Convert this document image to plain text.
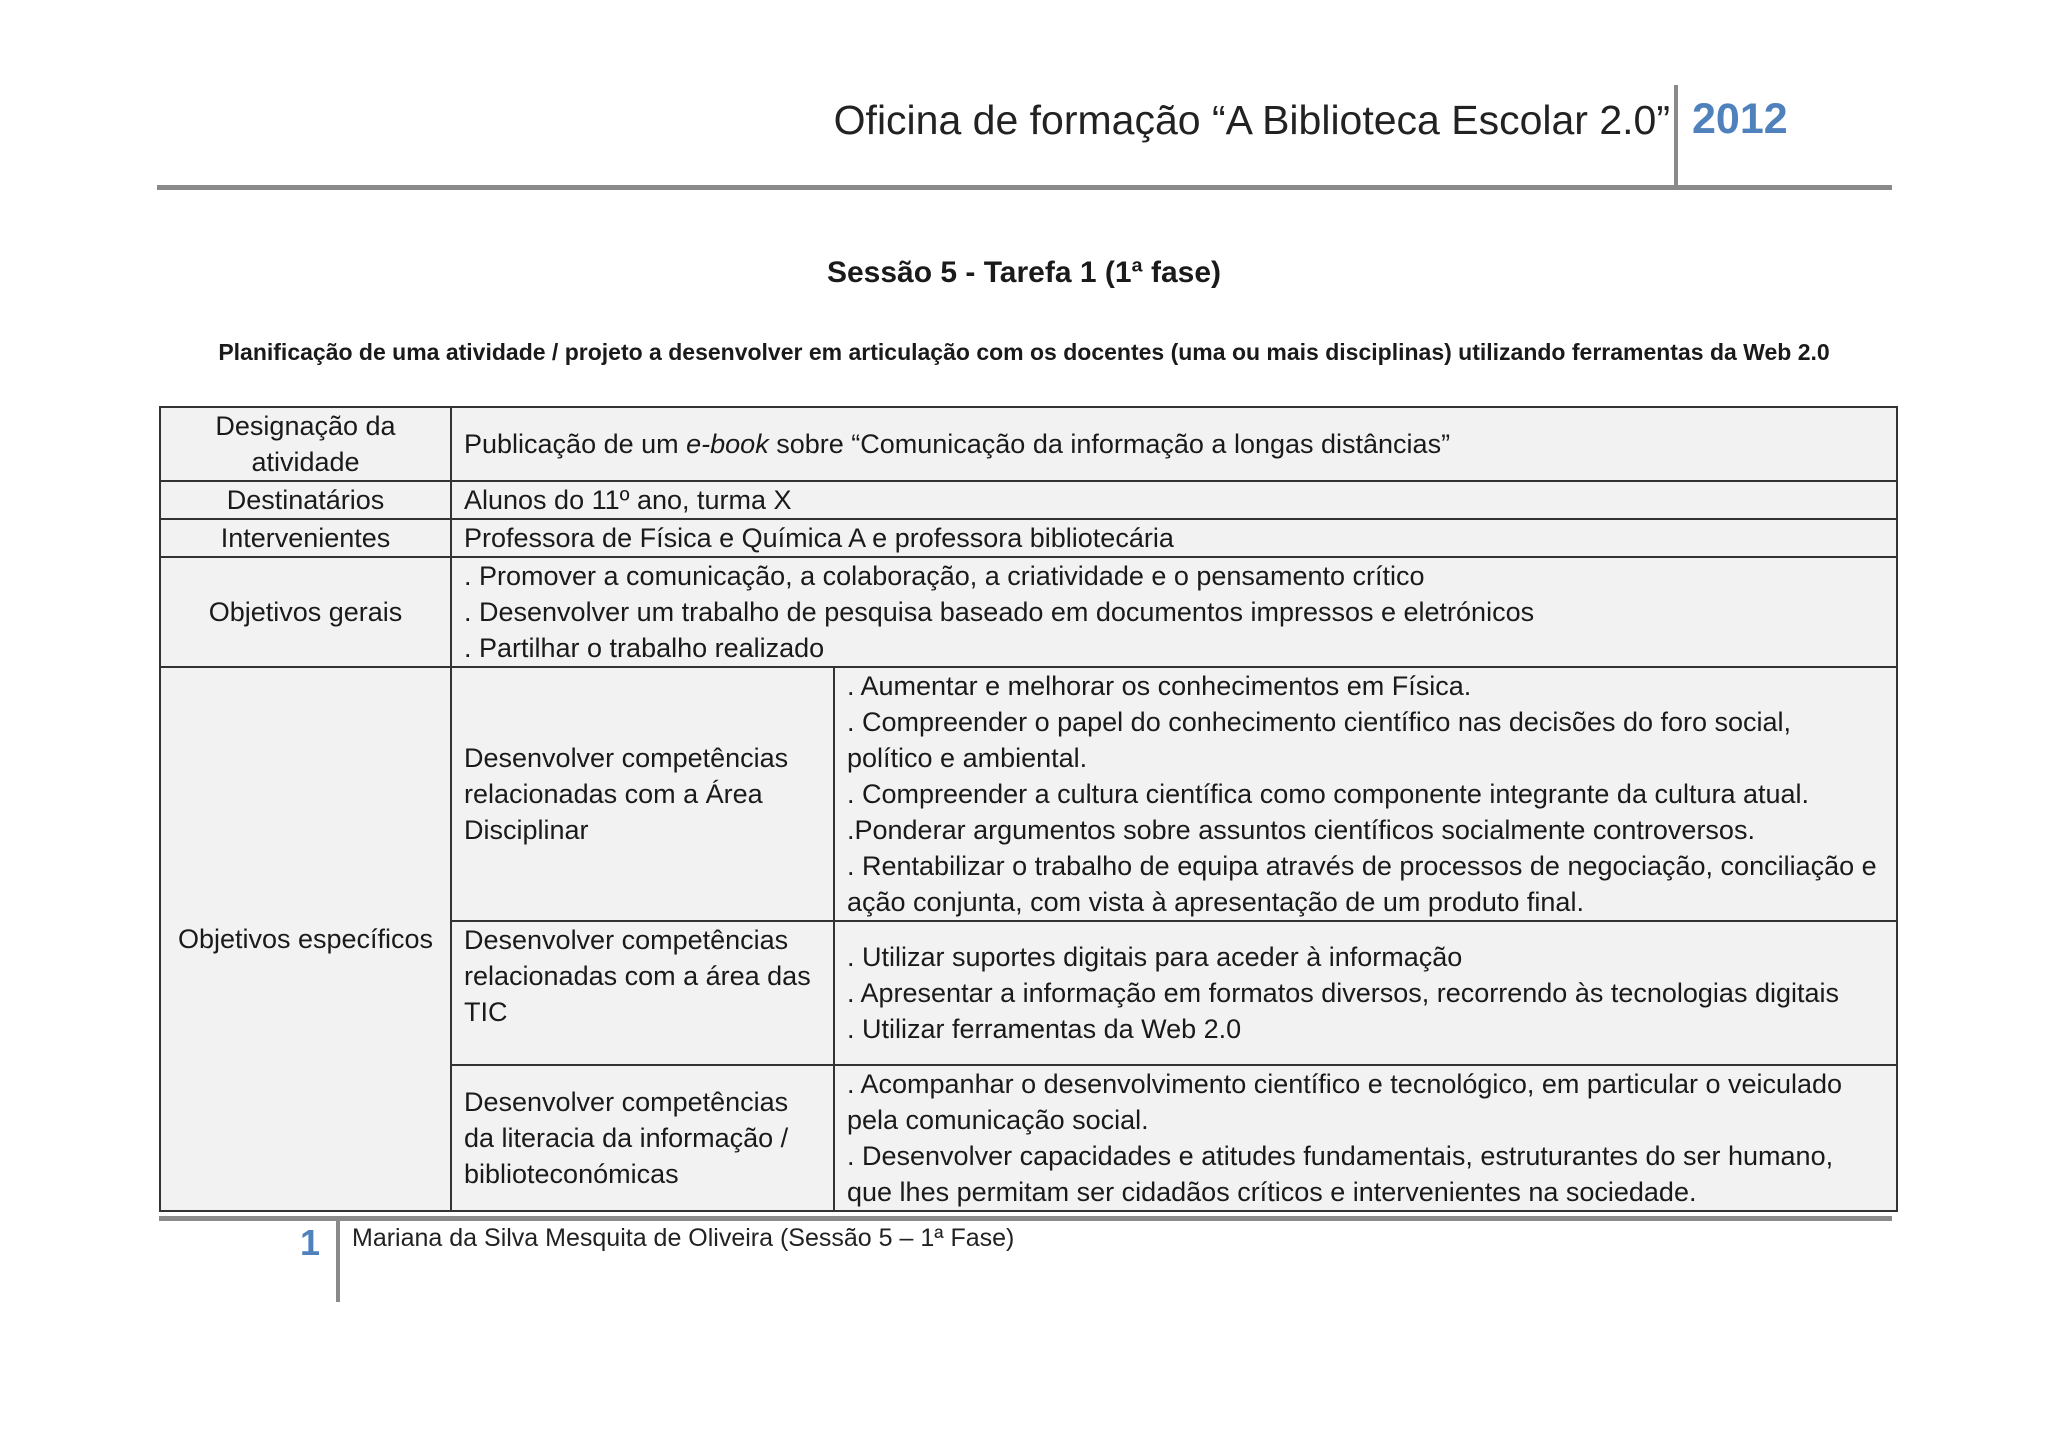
Oficina de formação “A Biblioteca Escolar 2.0” 2012
Sessão 5 - Tarefa 1 (1ª fase)
Planificação de uma atividade / projeto a desenvolver em articulação com os docentes (uma ou mais disciplinas) utilizando ferramentas da Web 2.0
Designação da atividade	Publicação de um e-book sobre “Comunicação da informação a longas distâncias”	
Destinatários	Alunos do 11º ano, turma X	
Intervenientes	Professora de Física e Química A e professora bibliotecária	
Objetivos gerais	. Promover a comunicação, a colaboração, a criatividade e o pensamento crítico
. Desenvolver um trabalho de pesquisa baseado em documentos impressos e eletrónicos
. Partilhar o trabalho realizado	

Objetivos específicos	Desenvolver competências relacionadas com a Área Disciplinar	. Aumentar e melhorar os conhecimentos em Física.
. Compreender o papel do conhecimento científico nas decisões do foro social, político e ambiental.
. Compreender a cultura científica como componente integrante da cultura atual.
.Ponderar argumentos sobre assuntos científicos socialmente controversos.
. Rentabilizar o trabalho de equipa através de processos de negociação, conciliação e ação conjunta, com vista à apresentação de um produto final.

	Desenvolver competências relacionadas com a área das TIC	. Utilizar suportes digitais para aceder à informação
. Apresentar a informação em formatos diversos, recorrendo às tecnologias digitais
. Utilizar ferramentas da Web 2.0

	Desenvolver competências da literacia da informação / biblioteconómicas	. Acompanhar o desenvolvimento científico e tecnológico, em particular o veiculado pela comunicação social.
. Desenvolver capacidades e atitudes fundamentais, estruturantes do ser humano, que lhes permitam ser cidadãos críticos e intervenientes na sociedade.
1 Mariana da Silva Mesquita de Oliveira (Sessão 5 – 1ª Fase)
